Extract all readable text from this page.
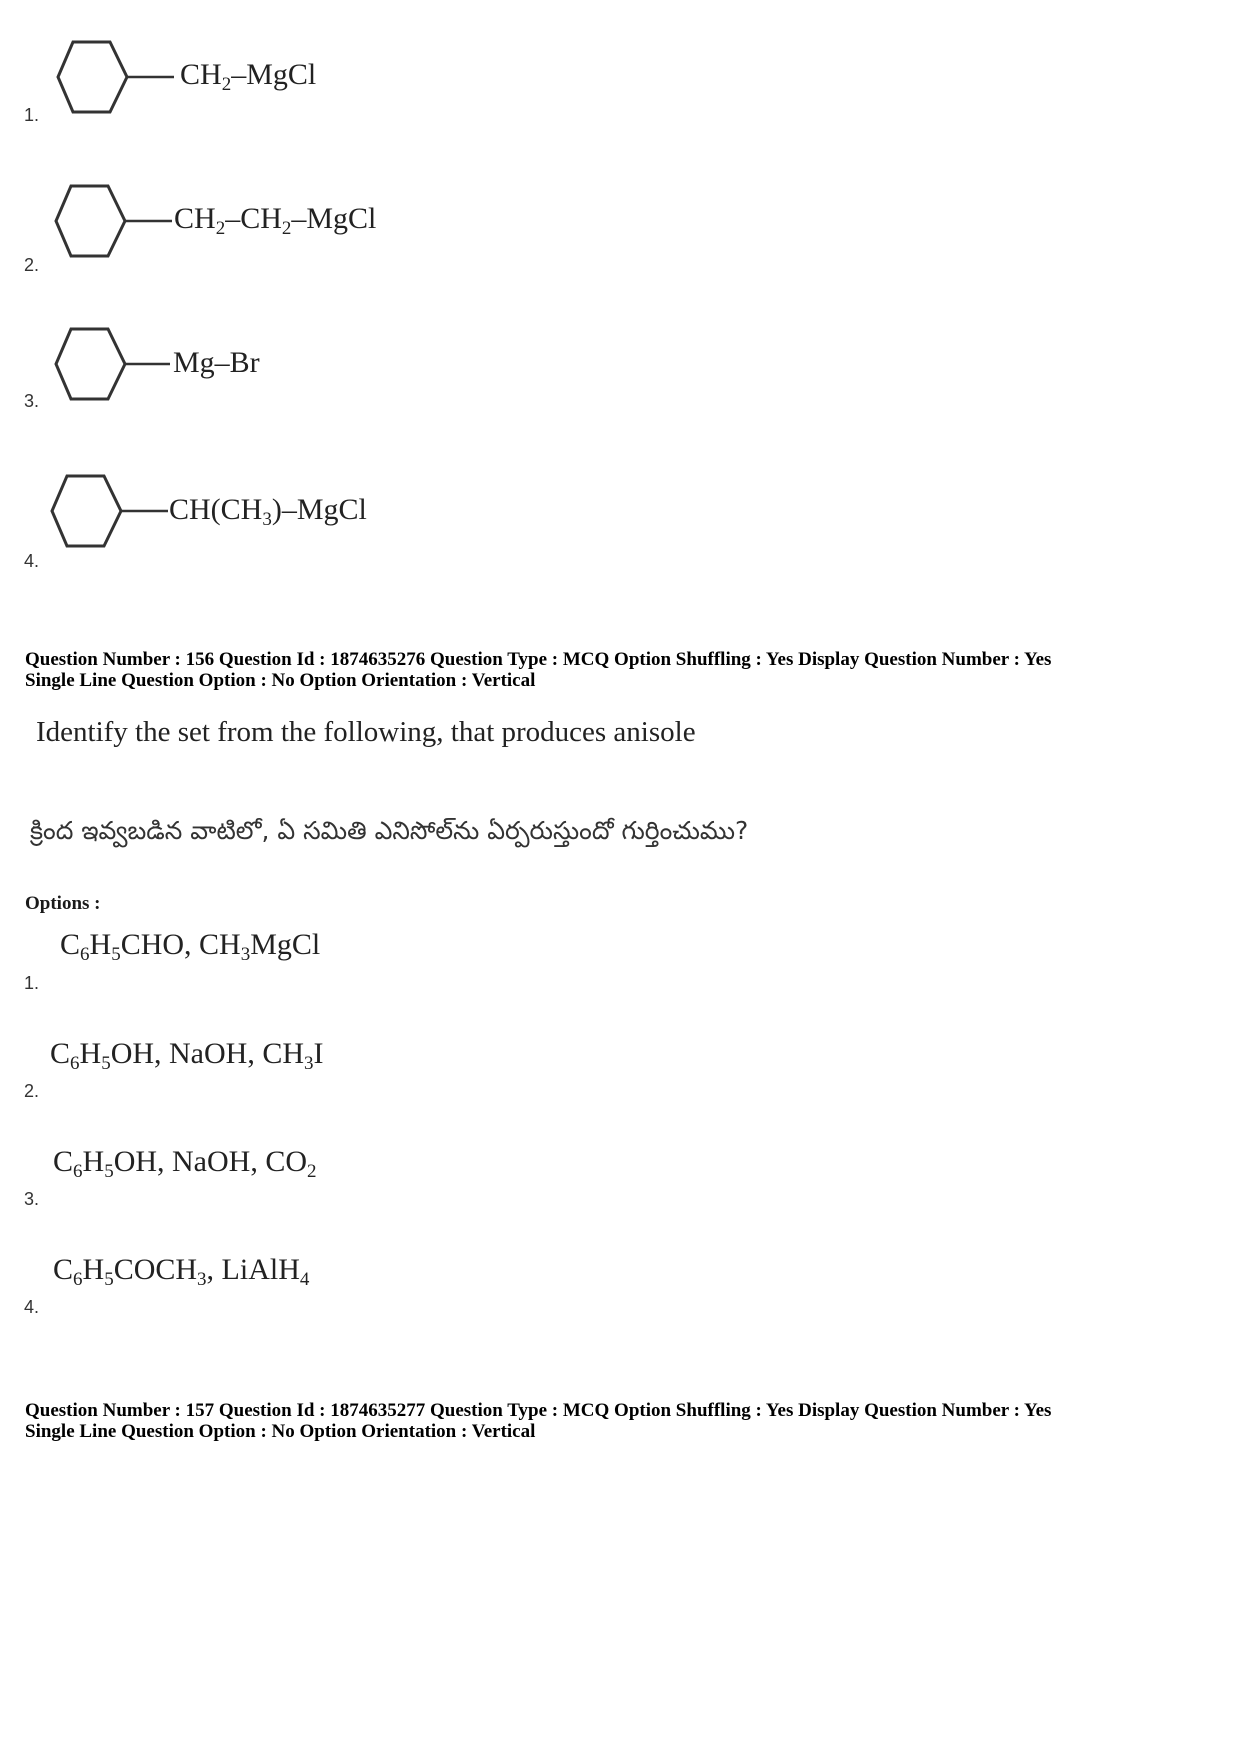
1.
$CH_2$–MgCl
2.
$CH_2-CH_2$–MgCl
3.
Mg–Br
4.
$CH(CH_3)$–MgCl
Question Number : 156 Question Id : 1874635276 Question Type : MCQ Option Shuffling : Yes Display Question Number : Yes
Single Line Question Option : No Option Orientation : Vertical
Identify the set from the following, that produces anisole
క్రింద ఇవ్వబడిన వాటిలో, ఏ సమితి ఎనిసోల్‌ను ఏర్పరుస్తుందో గుర్తించుము?
Options :
1.
$C_6H_5CHO$, $CH_3MgCl$
2.
$C_6H_5OH$, NaOH, $CH_3I$
3.
$C_6H_5OH$, NaOH, $CO_2$
4.
$C_6H_5COCH_3$, LiAlH$_4$
Question Number : 157 Question Id : 1874635277 Question Type : MCQ Option Shuffling : Yes Display Question Number : Yes
Single Line Question Option : No Option Orientation : Vertical
